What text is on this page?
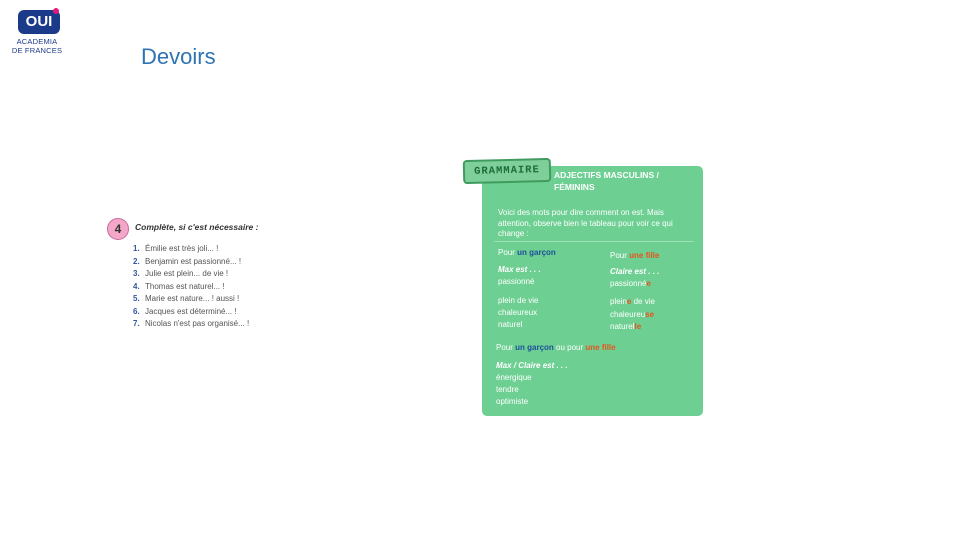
OUI
ACADEMIA
DE FRANCES	Devoirs
4	Complète, si c'est nécessaire :
1. Émilie est très joli... !
2. Benjamin est passionné... !
3. Julie est plein... de vie !
4. Thomas est naturel... !
5. Marie est nature... ! aussi !
6. Jacques est déterminé... !
7. Nicolas n'est pas organisé... !
GRAMMAIRE	ADJECTIFS MASCULINS /
FÉMININS
Voici des mots pour dire comment on est. Mais attention, observe bien le tableau pour voir ce qui change :
Pour un garçon	Pour une fille
Max est . . .	Claire est . . .
passionné	passionnée
plein de vie	pleine de vie
chaleureux	chaleureuse
naturel	naturelle
Pour un garçon ou pour une fille
Max / Claire est . . .
énergique
tendre
optimiste
